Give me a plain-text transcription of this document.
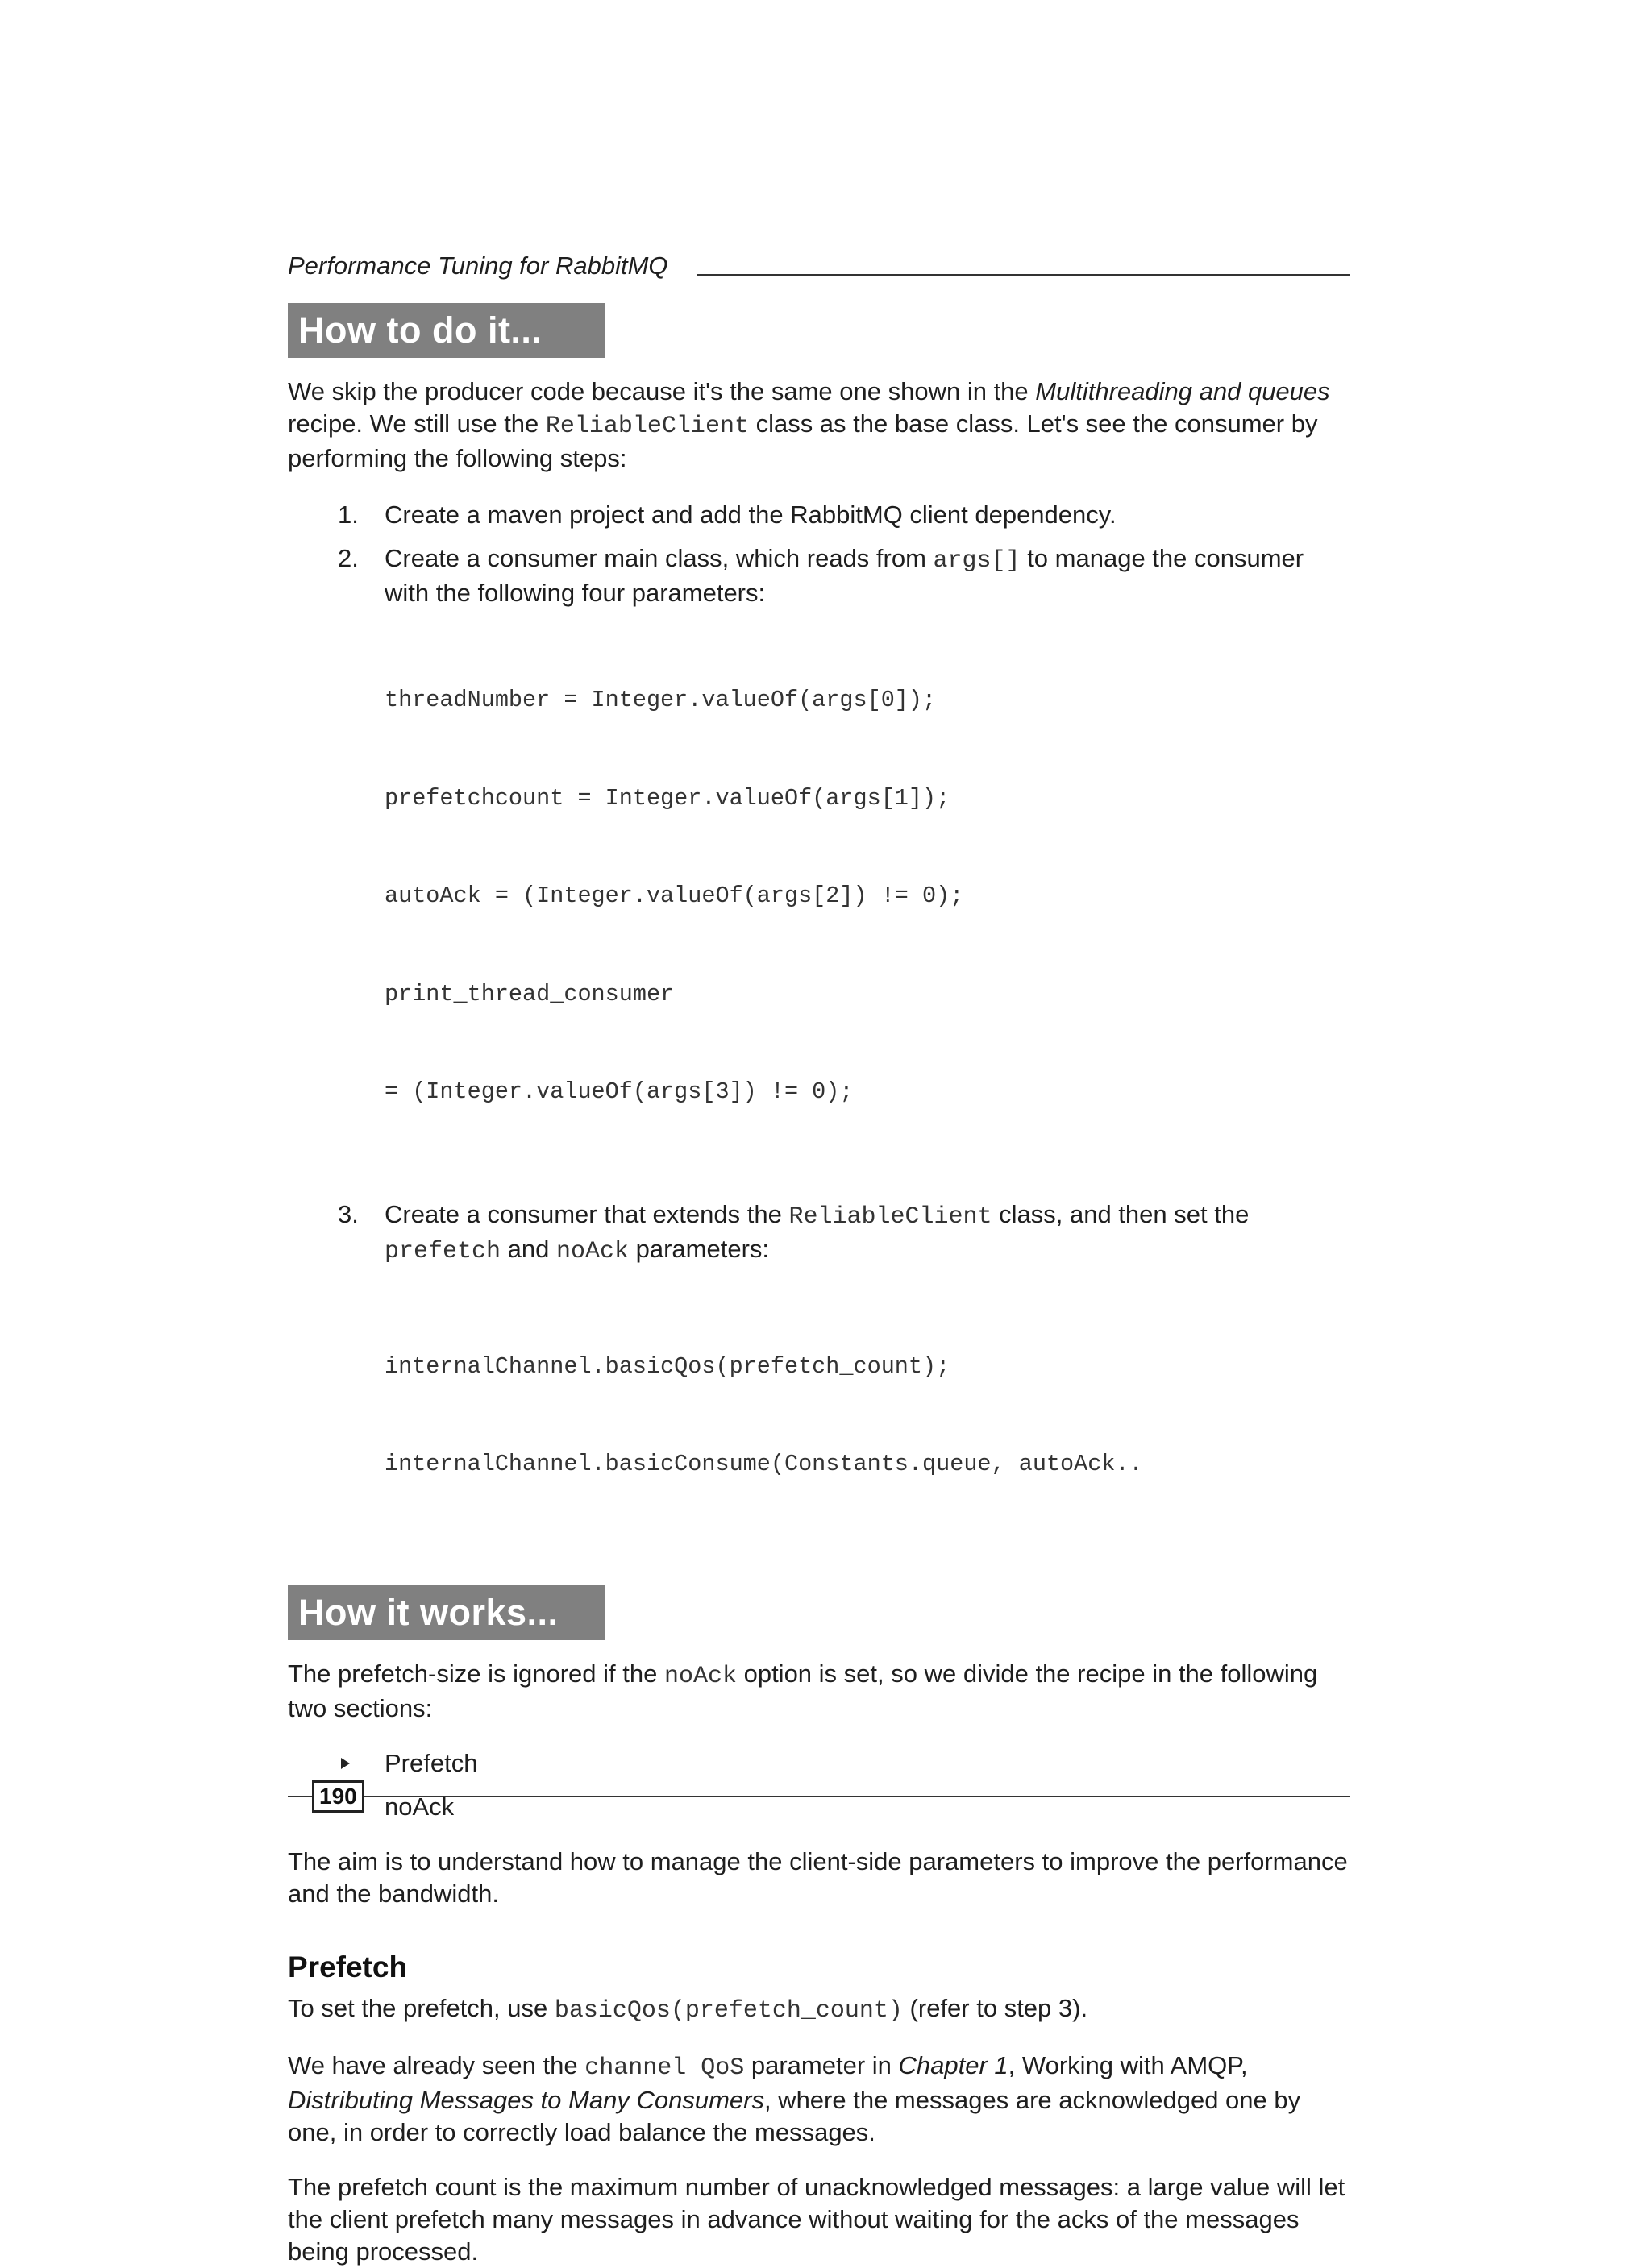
Performance Tuning for RabbitMQ
How to do it...

We skip the producer code because it's the same one shown in the Multithreading and queues recipe. We still use the ReliableClient class as the base class. Let's see the consumer by performing the following steps:

1. Create a maven project and add the RabbitMQ client dependency.
2. Create a consumer main class, which reads from args[] to manage the consumer with the following four parameters:

threadNumber = Integer.valueOf(args[0]);

prefetchcount = Integer.valueOf(args[1]);

autoAck = (Integer.valueOf(args[2]) != 0);

print_thread_consumer

= (Integer.valueOf(args[3]) != 0);

3. Create a consumer that extends the ReliableClient class, and then set the prefetch and noAck parameters:

internalChannel.basicQos(prefetch_count);

internalChannel.basicConsume(Constants.queue, autoAck..

How it works...

The prefetch-size is ignored if the noAck option is set, so we divide the recipe in the following two sections:

Prefetch
noAck

The aim is to understand how to manage the client-side parameters to improve the performance and the bandwidth.

Prefetch

To set the prefetch, use basicQos(prefetch_count) (refer to step 3).

We have already seen the channel QoS parameter in Chapter 1, Working with AMQP, Distributing Messages to Many Consumers, where the messages are acknowledged one by one, in order to correctly load balance the messages.

The prefetch count is the maximum number of unacknowledged messages: a large value will let the client prefetch many messages in advance without waiting for the acks of the messages being processed.

190
